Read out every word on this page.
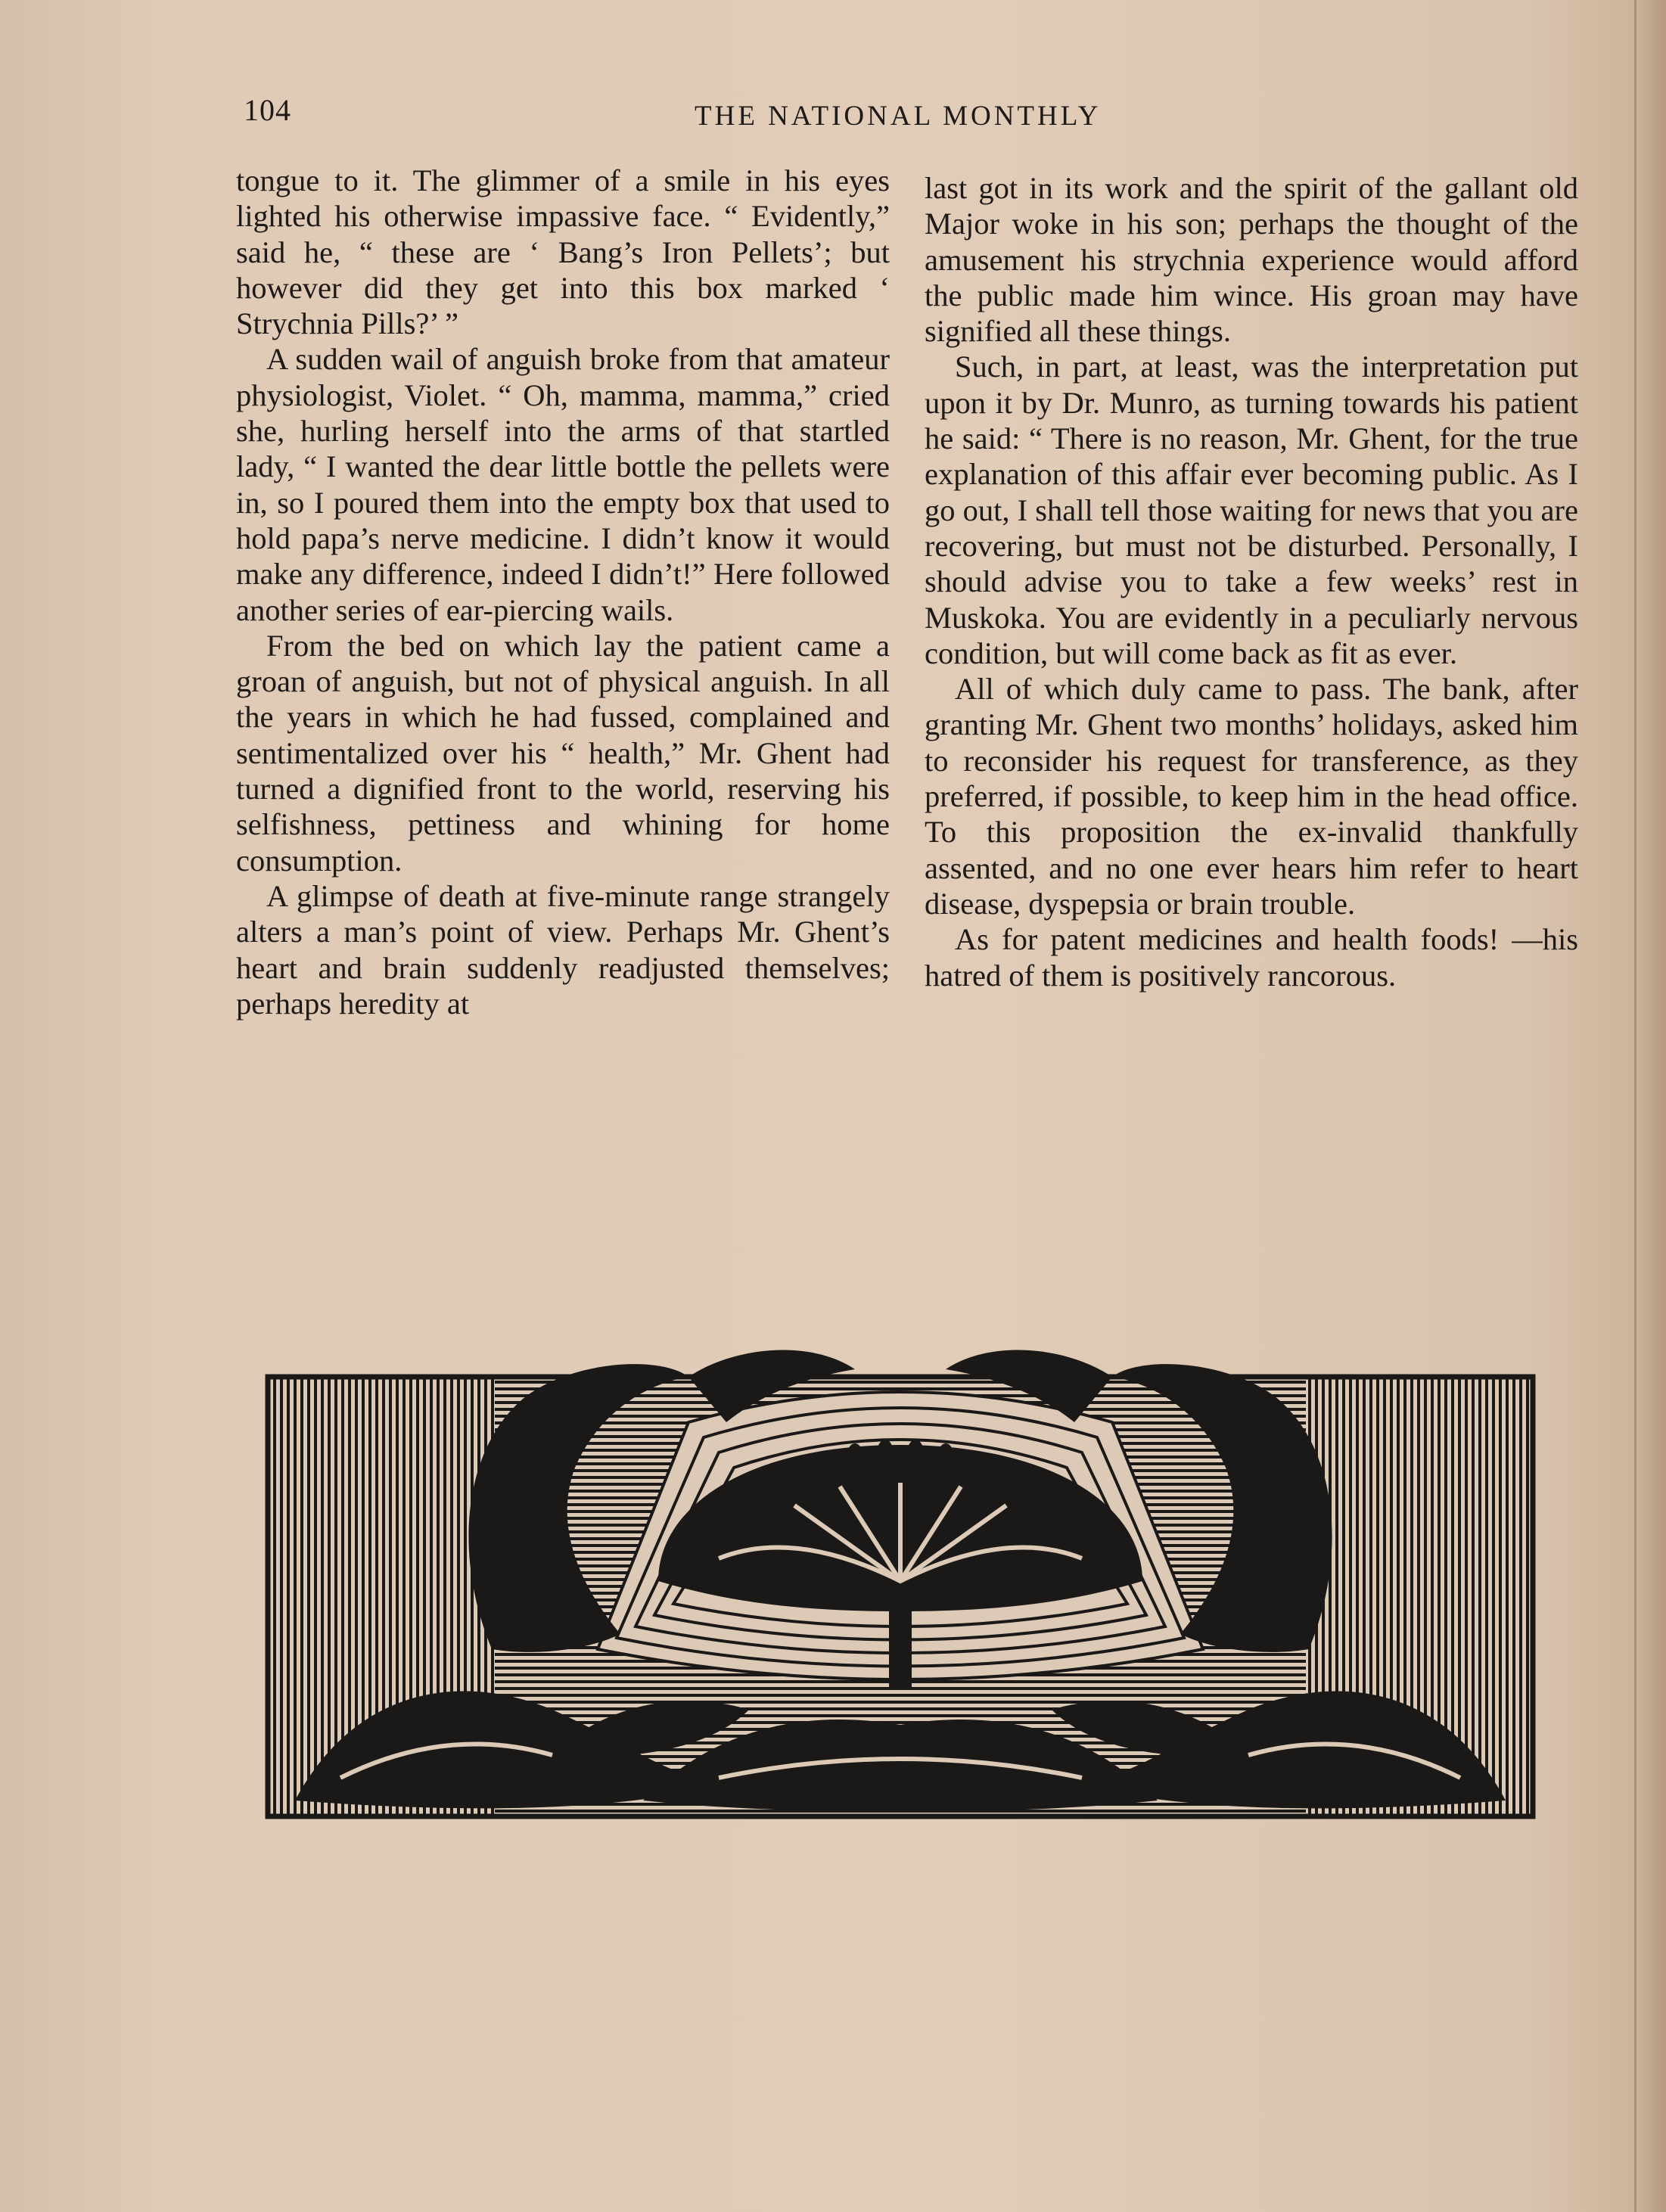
104	THE NATIONAL MONTHLY

tongue to it. The glimmer of a smile in his eyes lighted his otherwise impassive face. “ Evidently,” said he, “ these are ‘ Bang’s Iron Pellets’; but however did they get into this box marked ‘ Strychnia Pills?’ ”

A sudden wail of anguish broke from that amateur physiologist, Violet. “ Oh, mamma, mamma,” cried she, hurling herself into the arms of that startled lady, “ I wanted the dear little bottle the pellets were in, so I poured them into the empty box that used to hold papa’s nerve medicine. I didn’t know it would make any difference, indeed I didn’t!” Here followed another series of ear-piercing wails.

From the bed on which lay the patient came a groan of anguish, but not of physical anguish. In all the years in which he had fussed, complained and sentimentalized over his “ health,” Mr. Ghent had turned a dignified front to the world, reserving his selfishness, pettiness and whining for home consumption.

A glimpse of death at five-minute range strangely alters a man’s point of view. Perhaps Mr. Ghent’s heart and brain suddenly readjusted themselves; perhaps heredity at

last got in its work and the spirit of the gallant old Major woke in his son; perhaps the thought of the amusement his strychnia experience would afford the public made him wince. His groan may have signified all these things.

Such, in part, at least, was the interpretation put upon it by Dr. Munro, as turning towards his patient he said: “ There is no reason, Mr. Ghent, for the true explanation of this affair ever becoming public. As I go out, I shall tell those waiting for news that you are recovering, but must not be disturbed. Personally, I should advise you to take a few weeks’ rest in Muskoka. You are evidently in a peculiarly nervous condition, but will come back as fit as ever.

All of which duly came to pass. The bank, after granting Mr. Ghent two months’ holidays, asked him to reconsider his request for transference, as they preferred, if possible, to keep him in the head office. To this proposition the ex-invalid thankfully assented, and no one ever hears him refer to heart disease, dyspepsia or brain trouble.

As for patent medicines and health foods! —his hatred of them is positively rancorous.

W.H.G.
